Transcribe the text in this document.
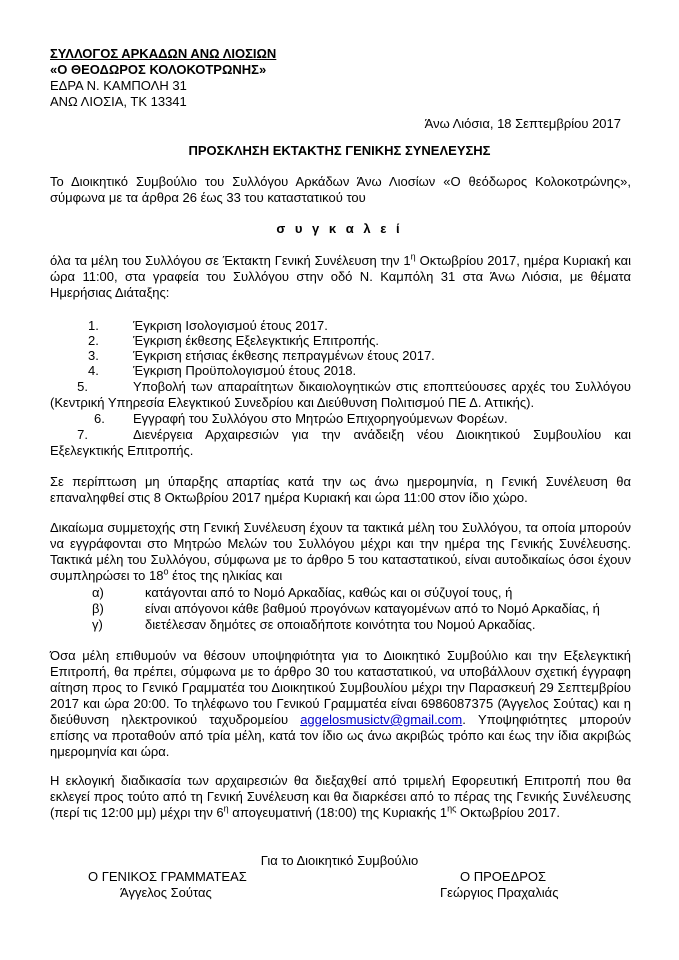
ΣΥΛΛΟΓΟΣ ΑΡΚΑΔΩΝ ΑΝΩ ΛΙΟΣΙΩΝ
«Ο ΘΕΟΔΩΡΟΣ ΚΟΛΟΚΟΤΡΩΝΗΣ»
ΕΔΡΑ Ν. ΚΑΜΠΟΛΗ 31
ΑΝΩ ΛΙΟΣΙΑ, ΤΚ 13341
Άνω Λιόσια, 18 Σεπτεμβρίου 2017
ΠΡΟΣΚΛΗΣΗ ΕΚΤΑΚΤΗΣ ΓΕΝΙΚΗΣ ΣΥΝΕΛΕΥΣΗΣ
Το Διοικητικό Συμβούλιο του Συλλόγου Αρκάδων Άνω Λιοσίων «Ο θεόδωρος Κολοκοτρώνης», σύμφωνα με τα άρθρα 26 έως 33 του καταστατικού του
σ υ γ κ α λ ε ί
όλα τα μέλη του Συλλόγου σε Έκτακτη Γενική Συνέλευση την $1^\eta$ Οκτωβρίου 2017, ημέρα Κυριακή και ώρα 11:00, στα γραφεία του Συλλόγου στην οδό Ν. Καμπόλη 31 στα Άνω Λιόσια, με θέματα Ημερήσιας Διάταξης:
1.	Έγκριση Ισολογισμού έτους 2017.
2.	Έγκριση έκθεσης Εξελεγκτικής Επιτροπής.
3.	Έγκριση ετήσιας έκθεσης πεπραγμένων έτους 2017.
4.	Έγκριση Προϋπολογισμού έτους 2018.
5.	Υποβολή των απαραίτητων δικαιολογητικών στις εποπτεύουσες αρχές του Συλλόγου (Κεντρική Υπηρεσία Ελεγκτικού Συνεδρίου και Διεύθυνση Πολιτισμού ΠΕ Δ. Αττικής).
6. Εγγραφή του Συλλόγου στο Μητρώο Επιχορηγούμενων Φορέων.
7.	Διενέργεια Αρχαιρεσιών για την ανάδειξη νέου Διοικητικού Συμβουλίου και Εξελεγκτικής Επιτροπής.
Σε περίπτωση μη ύπαρξης απαρτίας κατά την ως άνω ημερομηνία, η Γενική Συνέλευση θα επαναληφθεί στις 8 Οκτωβρίου 2017 ημέρα Κυριακή και ώρα 11:00 στον ίδιο χώρο.
Δικαίωμα συμμετοχής στη Γενική Συνέλευση έχουν τα τακτικά μέλη του Συλλόγου, τα οποία μπορούν να εγγράφονται στο Μητρώο Μελών του Συλλόγου μέχρι και την ημέρα της Γενικής Συνέλευσης. Τακτικά μέλη του Συλλόγου, σύμφωνα με το άρθρο 5 του καταστατικού, είναι αυτοδικαίως όσοι έχουν συμπληρώσει το $18^o$ έτος της ηλικίας και
α)	κατάγονται από το Νομό Αρκαδίας, καθώς και οι σύζυγοί τους, ή
β)	είναι απόγονοι κάθε βαθμού προγόνων καταγομένων από το Νομό Αρκαδίας, ή
γ)	διετέλεσαν δημότες σε οποιαδήποτε κοινότητα του Νομού Αρκαδίας.
Όσα μέλη επιθυμούν να θέσουν υποψηφιότητα για το Διοικητικό Συμβούλιο και την Εξελεγκτική Επιτροπή, θα πρέπει, σύμφωνα με το άρθρο 30 του καταστατικού, να υποβάλλουν σχετική έγγραφη αίτηση προς το Γενικό Γραμματέα του Διοικητικού Συμβουλίου μέχρι την Παρασκευή 29 Σεπτεμβρίου 2017 και ώρα 20:00. Το τηλέφωνο του Γενικού Γραμματέα είναι 6986087375 (Άγγελος Σούτας) και η διεύθυνση ηλεκτρονικού ταχυδρομείου aggelosmusictv@gmail.com. Υποψηφιότητες μπορούν επίσης να προταθούν από τρία μέλη, κατά τον ίδιο ως άνω ακριβώς τρόπο και έως την ίδια ακριβώς ημερομηνία και ώρα.
Η εκλογική διαδικασία των αρχαιρεσιών θα διεξαχθεί από τριμελή Εφορευτική Επιτροπή που θα εκλεγεί προς τούτο από τη Γενική Συνέλευση και θα διαρκέσει από το πέρας της Γενικής Συνέλευσης (περί τις 12:00 μμ) μέχρι την $6^\eta$ απογευματινή (18:00) της Κυριακής $1^{\eta\varsigma}$ Οκτωβρίου 2017.
Για το Διοικητικό Συμβούλιο
Ο ΓΕΝΙΚΟΣ ΓΡΑΜΜΑΤΕΑΣ
Άγγελος Σούτας
Ο ΠΡΟΕΔΡΟΣ
Γεώργιος Πραχαλιάς
